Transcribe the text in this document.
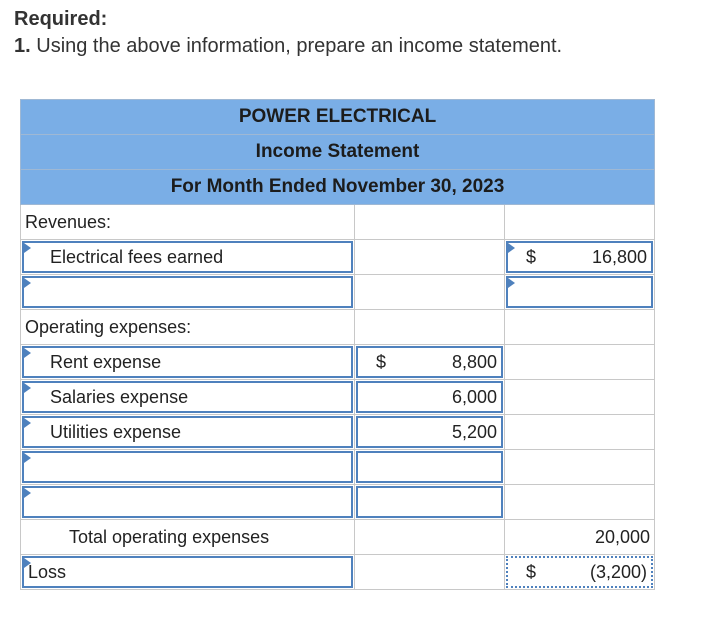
Required:
1. Using the above information, prepare an income statement.
POWER ELECTRICAL		
Income Statement		
For Month Ended November 30, 2023		

Revenues:		

Electrical fees earned		$ 16,800

Operating expenses:		

Rent expense	$ 8,800	

Salaries expense	6,000	

Utilities expense	5,200	

Total operating expenses		20,000

Loss		$ (3,200)
